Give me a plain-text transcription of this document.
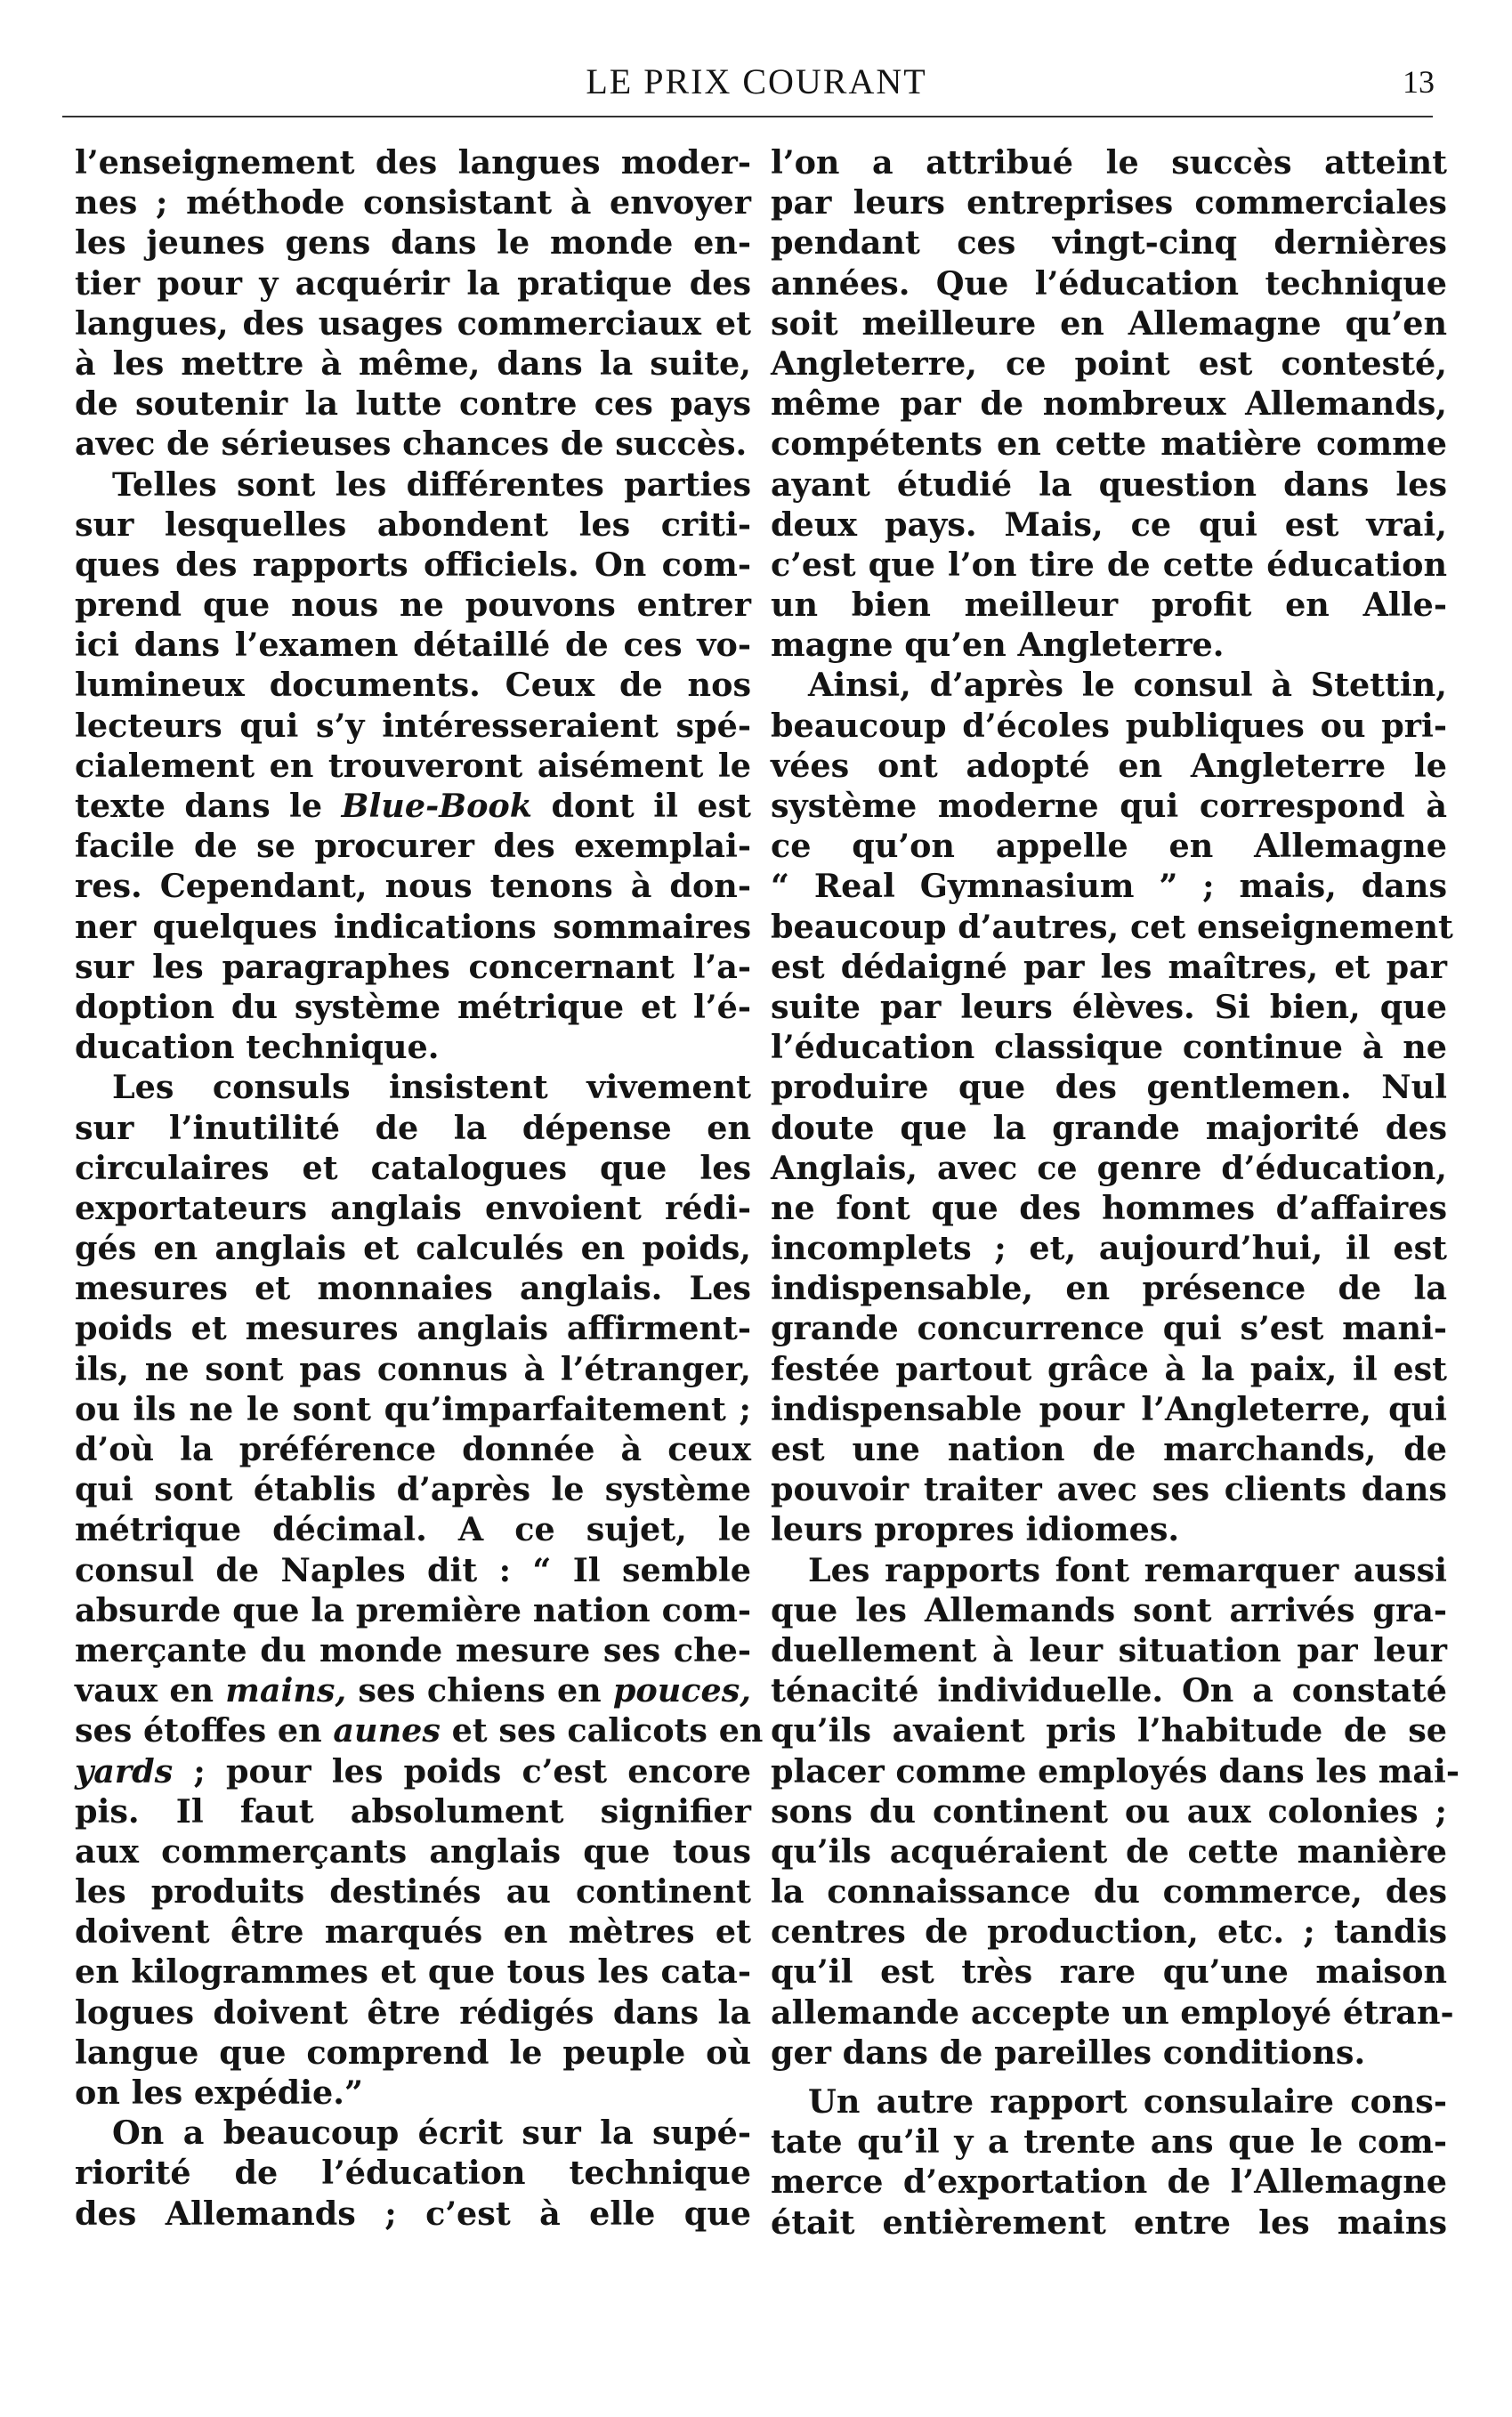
LE PRIX COURANT	13
l’enseignement des langues moder-
nes ; méthode consistant à envoyer
les jeunes gens dans le monde en-
tier pour y acquérir la pratique des
langues, des usages commerciaux et
à les mettre à même, dans la suite,
de soutenir la lutte contre ces pays
avec de sérieuses chances de succès.
Telles sont les différentes parties
sur lesquelles abondent les criti-
ques des rapports officiels. On com-
prend que nous ne pouvons entrer
ici dans l’examen détaillé de ces vo-
lumineux documents. Ceux de nos
lecteurs qui s’y intéresseraient spé-
cialement en trouveront aisément le
texte dans le Blue-Book dont il est
facile de se procurer des exemplai-
res. Cependant, nous tenons à don-
ner quelques indications sommaires
sur les paragraphes concernant l’a-
doption du système métrique et l’é-
ducation technique.
Les consuls insistent vivement
sur l’inutilité de la dépense en
circulaires et catalogues que les
exportateurs anglais envoient rédi-
gés en anglais et calculés en poids,
mesures et monnaies anglais. Les
poids et mesures anglais affirment-
ils, ne sont pas connus à l’étranger,
ou ils ne le sont qu’imparfaitement ;
d’où la préférence donnée à ceux
qui sont établis d’après le système
métrique décimal. A ce sujet, le
consul de Naples dit : “ Il semble
absurde que la première nation com-
merçante du monde mesure ses che-
vaux en mains, ses chiens en pouces,
ses étoffes en aunes et ses calicots en
yards ; pour les poids c’est encore
pis. Il faut absolument signifier
aux commerçants anglais que tous
les produits destinés au continent
doivent être marqués en mètres et
en kilogrammes et que tous les cata-
logues doivent être rédigés dans la
langue que comprend le peuple où
on les expédie.”
On a beaucoup écrit sur la supé-
riorité de l’éducation technique
des Allemands ; c’est à elle que
l’on a attribué le succès atteint
par leurs entreprises commerciales
pendant ces vingt-cinq dernières
années. Que l’éducation technique
soit meilleure en Allemagne qu’en
Angleterre, ce point est contesté,
même par de nombreux Allemands,
compétents en cette matière comme
ayant étudié la question dans les
deux pays. Mais, ce qui est vrai,
c’est que l’on tire de cette éducation
un bien meilleur profit en Alle-
magne qu’en Angleterre.
Ainsi, d’après le consul à Stettin,
beaucoup d’écoles publiques ou pri-
vées ont adopté en Angleterre le
système moderne qui correspond à
ce qu’on appelle en Allemagne
“ Real Gymnasium ” ; mais, dans
beaucoup d’autres, cet enseignement
est dédaigné par les maîtres, et par
suite par leurs élèves. Si bien, que
l’éducation classique continue à ne
produire que des gentlemen. Nul
doute que la grande majorité des
Anglais, avec ce genre d’éducation,
ne font que des hommes d’affaires
incomplets ; et, aujourd’hui, il est
indispensable, en présence de la
grande concurrence qui s’est mani-
festée partout grâce à la paix, il est
indispensable pour l’Angleterre, qui
est une nation de marchands, de
pouvoir traiter avec ses clients dans
leurs propres idiomes.
Les rapports font remarquer aussi
que les Allemands sont arrivés gra-
duellement à leur situation par leur
ténacité individuelle. On a constaté
qu’ils avaient pris l’habitude de se
placer comme employés dans les mai-
sons du continent ou aux colonies ;
qu’ils acquéraient de cette manière
la connaissance du commerce, des
centres de production, etc. ; tandis
qu’il est très rare qu’une maison
allemande accepte un employé étran-
ger dans de pareilles conditions.
Un autre rapport consulaire cons-
tate qu’il y a trente ans que le com-
merce d’exportation de l’Allemagne
était entièrement entre les mains
